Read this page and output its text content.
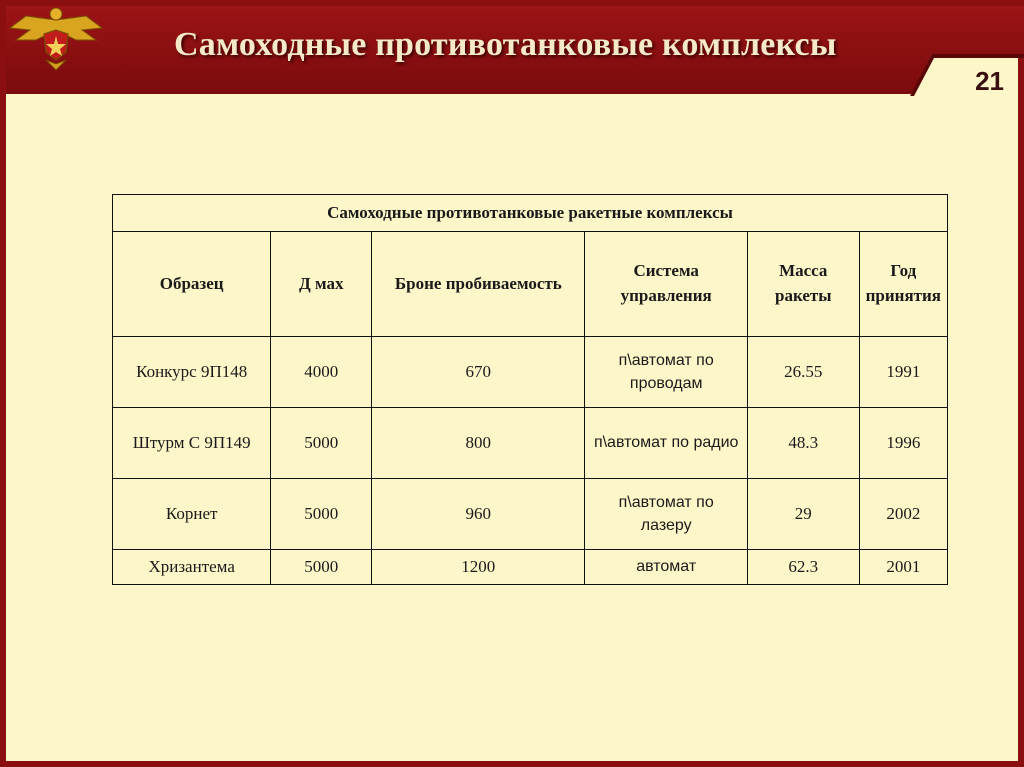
Самоходные противотанковые комплексы
21
Самоходные противотанковые ракетные комплексы					
Образец	Д мах	Броне пробиваемость	Система управления	Масса ракеты	Год принятия
Конкурс 9П148	4000	670	п\автомат по проводам	26.55	1991
Штурм С 9П149	5000	800	п\автомат по радио	48.3	1996
Корнет	5000	960	п\автомат по лазеру	29	2002
Хризантема	5000	1200	автомат	62.3	2001
